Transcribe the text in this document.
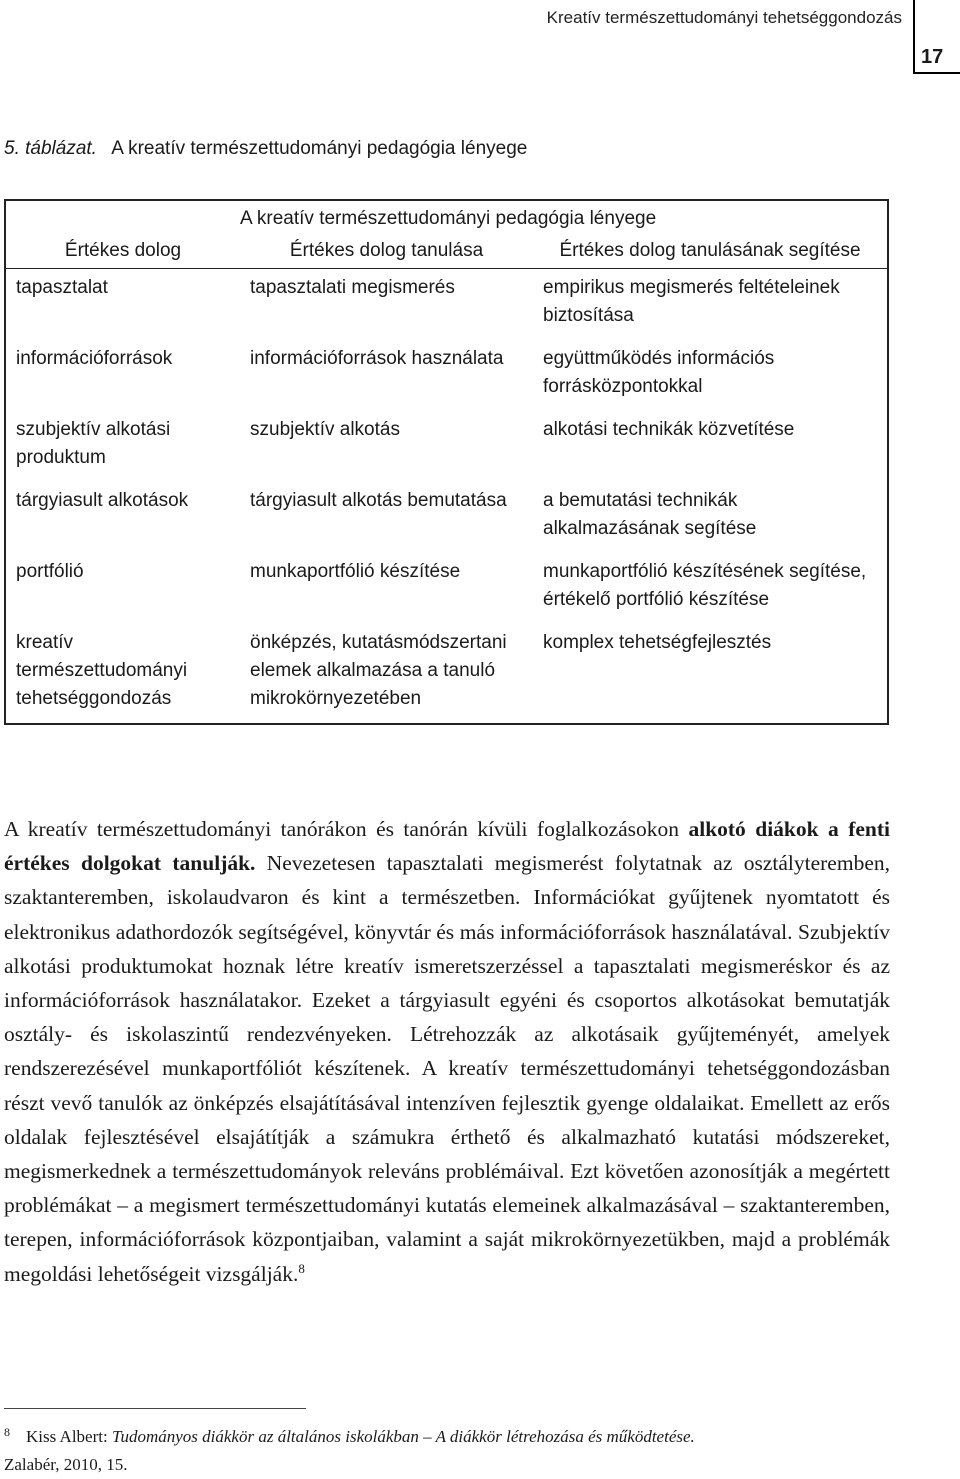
Kreatív természettudományi tehetséggondozás
17
5. táblázat. A kreatív természettudományi pedagógia lényege
	A kreatív természettudományi pedagógia lényege	
Értékes dolog	Értékes dolog tanulása	Értékes dolog tanulásának segítése
tapasztalat	tapasztalati megismerés	empirikus megismerés feltételeinek biztosítása
információforrások	információforrások használata	együttműködés információs forrásközpontokkal
szubjektív alkotási produktum	szubjektív alkotás	alkotási technikák közvetítése
tárgyiasult alkotások	tárgyiasult alkotás bemutatása	a bemutatási technikák alkalmazásának segítése
portfólió	munkaportfólió készítése	munkaportfólió készítésének segítése, értékelő portfólió készítése
kreatív természettudományi tehetséggondozás	önképzés, kutatásmódszertani elemek alkalmazása a tanuló mikrokörnyezetében	komplex tehetségfejlesztés

A kreatív természettudományi tanórákon és tanórán kívüli foglalkozásokon alkotó diákok a fenti értékes dolgokat tanulják. Nevezetesen tapasztalati megismerést folytatnak az osztályteremben, szaktanteremben, iskolaudvaron és kint a természetben. Információkat gyűjtenek nyomtatott és elektronikus adathordozók segítségével, könyvtár és más információforrások használatával. Szubjektív alkotási produktumokat hoznak létre kreatív ismeretszerzéssel a tapasztalati megismeréskor és az információforrások használatakor. Ezeket a tárgyiasult egyéni és csoportos alkotásokat bemutatják osztály- és iskolaszintű rendezvényeken. Létrehozzák az alkotásaik gyűjteményét, amelyek rendszerezésével munkaportfóliót készítenek. A kreatív természettudományi tehetséggondozásban részt vevő tanulók az önképzés elsajátításával intenzíven fejlesztik gyenge oldalaikat. Emellett az erős oldalak fejlesztésével elsajátítják a számukra érthető és alkalmazható kutatási módszereket, megismerkednek a természettudományok releváns problémáival. Ezt követően azonosítják a megértett problémákat – a megismert természettudományi kutatás elemeinek alkalmazásával – szaktanteremben, terepen, információforrások központjaiban, valamint a saját mikrokörnyezetükben, majd a problémák megoldási lehetőségeit vizsgálják.$^8$

$^8$ Kiss Albert: Tudományos diákkör az általános iskolákban – A diákkör létrehozása és működtetése.
Zalabér, 2010, 15.
